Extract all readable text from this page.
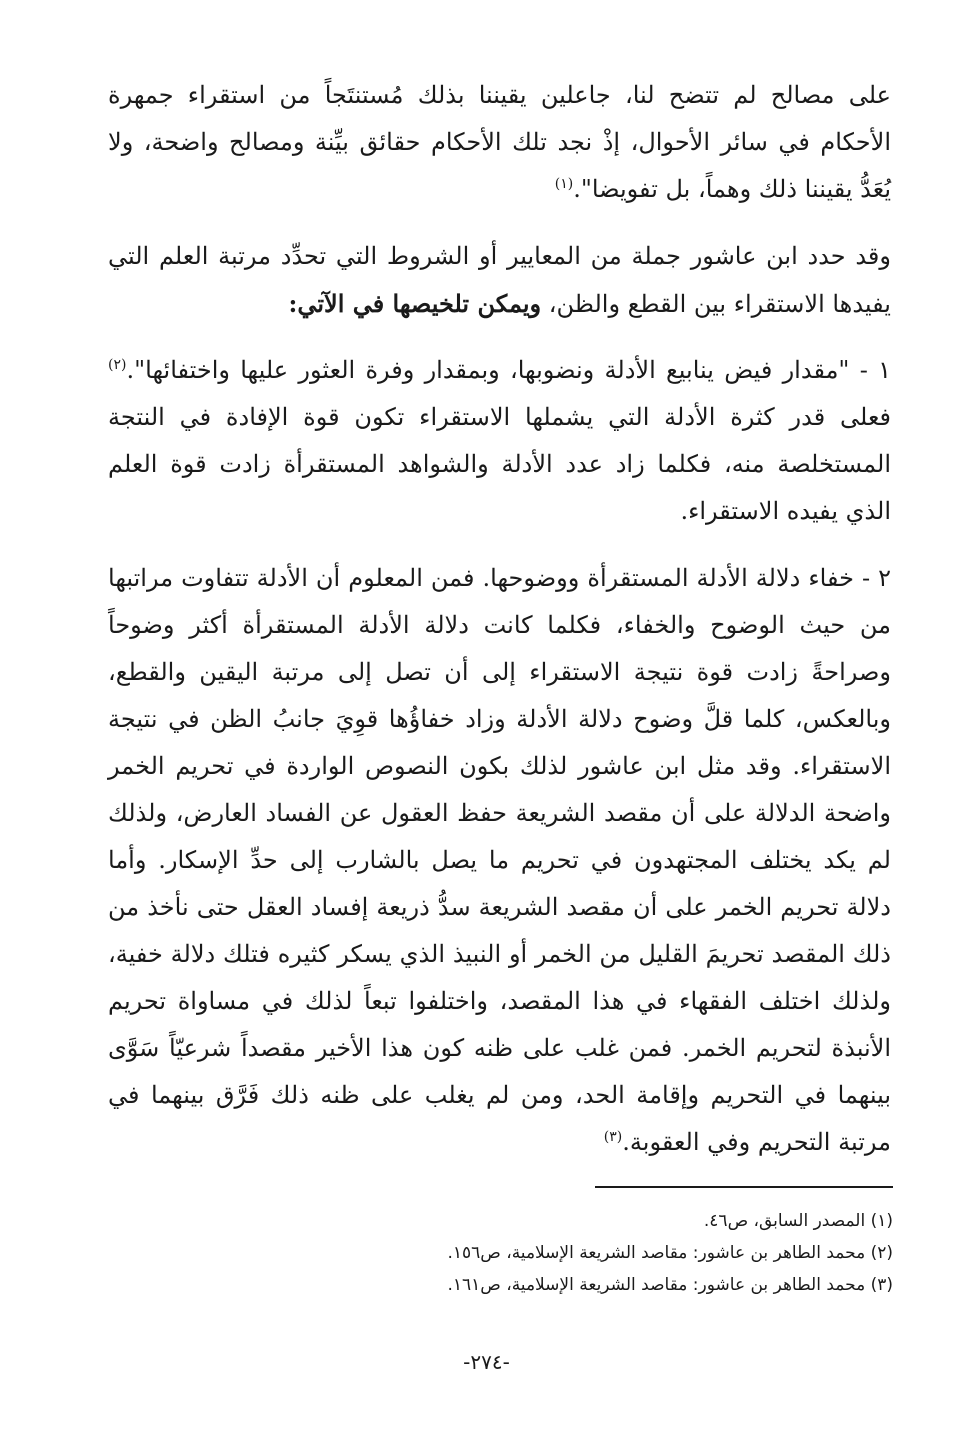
على مصالح لم تتضح لنا، جاعلين يقيننا بذلك مُستنتَجاً من استقراء جمهرة الأحكام في سائر الأحوال، إذْ نجد تلك الأحكام حقائق بيِّنة ومصالح واضحة، ولا يُعَدُّ يقيننا ذلك وهماً، بل تفويضا".$^{(١)}$

وقد حدد ابن عاشور جملة من المعايير أو الشروط التي تحدِّد مرتبة العلم التي يفيدها الاستقراء بين القطع والظن، ويمكن تلخيصها في الآتي:

١ - "مقدار فيض ينابيع الأدلة ونضوبها، وبمقدار وفرة العثور عليها واختفائها".$^{(٢)}$ فعلى قدر كثرة الأدلة التي يشملها الاستقراء تكون قوة الإفادة في النتجة المستخلصة منه، فكلما زاد عدد الأدلة والشواهد المستقرأة زادت قوة العلم الذي يفيده الاستقراء.

٢ - خفاء دلالة الأدلة المستقرأة ووضوحها. فمن المعلوم أن الأدلة تتفاوت مراتبها من حيث الوضوح والخفاء، فكلما كانت دلالة الأدلة المستقرأة أكثر وضوحاً وصراحةً زادت قوة نتيجة الاستقراء إلى أن تصل إلى مرتبة اليقين والقطع، وبالعكس، كلما قلَّ وضوح دلالة الأدلة وزاد خفاؤُها قوِيَ جانبُ الظن في نتيجة الاستقراء. وقد مثل ابن عاشور لذلك بكون النصوص الواردة في تحريم الخمر واضحة الدلالة على أن مقصد الشريعة حفظ العقول عن الفساد العارض، ولذلك لم يكد يختلف المجتهدون في تحريم ما يصل بالشارب إلى حدِّ الإسكار. وأما دلالة تحريم الخمر على أن مقصد الشريعة سدُّ ذريعة إفساد العقل حتى نأخذ من ذلك المقصد تحريمَ القليل من الخمر أو النبيذ الذي يسكر كثيره فتلك دلالة خفية، ولذلك اختلف الفقهاء في هذا المقصد، واختلفوا تبعاً لذلك في مساواة تحريم الأنبذة لتحريم الخمر. فمن غلب على ظنه كون هذا الأخير مقصداً شرعيّاً سَوَّى بينهما في التحريم وإقامة الحد، ومن لم يغلب على ظنه ذلك فَرَّق بينهما في مرتبة التحريم وفي العقوبة.$^{(٣)}$

(١) المصدر السابق، ص٤٦.

(٢) محمد الطاهر بن عاشور: مقاصد الشريعة الإسلامية، ص١٥٦.

(٣) محمد الطاهر بن عاشور: مقاصد الشريعة الإسلامية، ص١٦١.

-٢٧٤-
